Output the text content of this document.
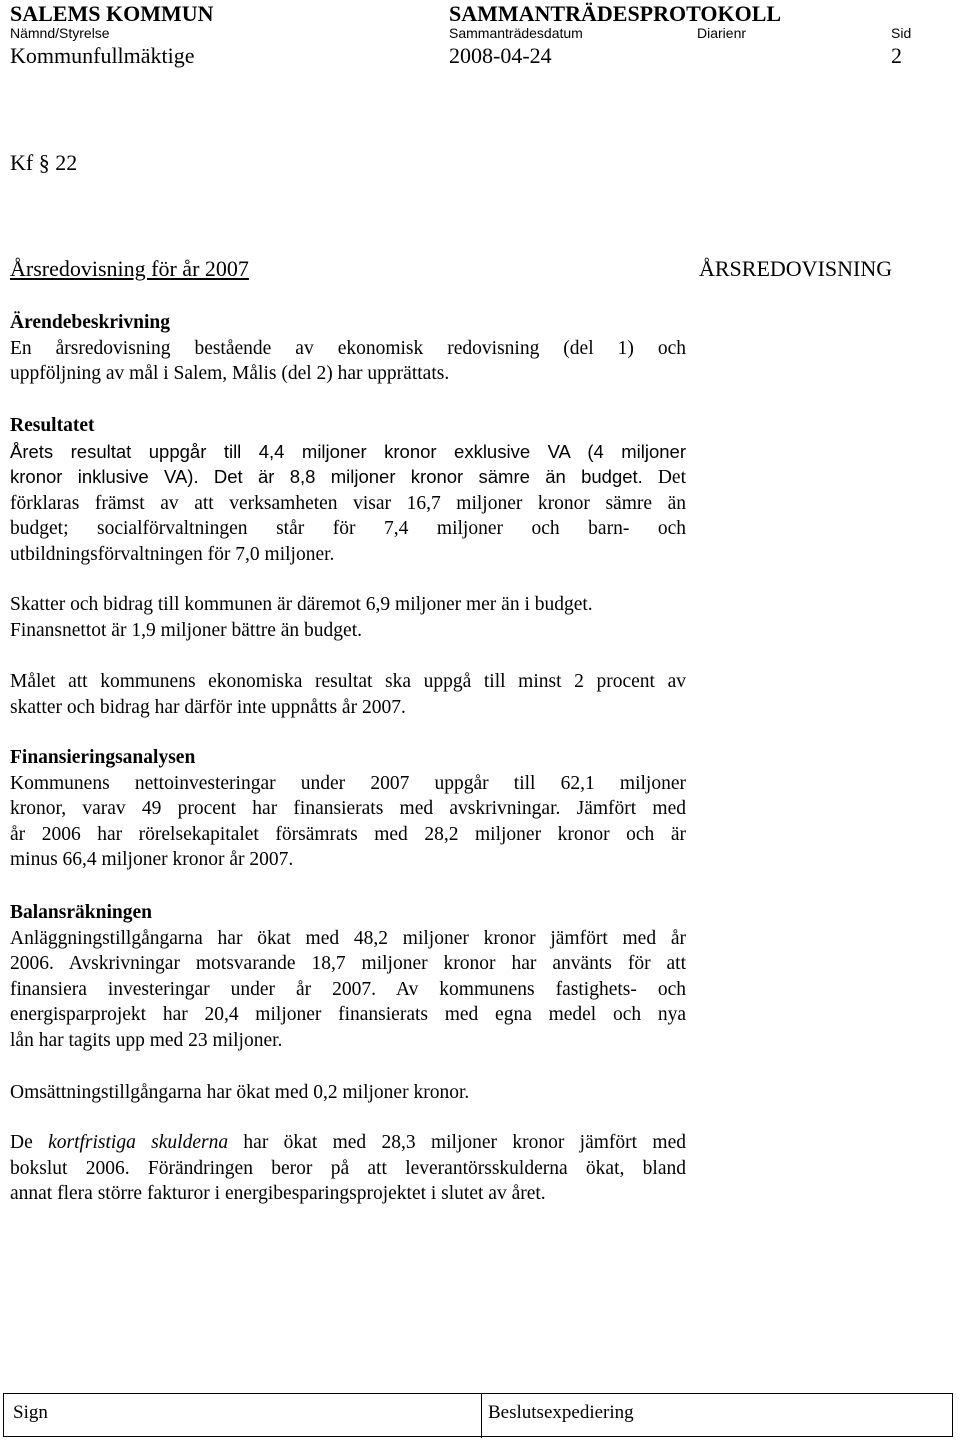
SALEMS KOMMUN	SAMMANTRÄDESPROTOKOLL
Nämnd/Styrelse	Sammanträdesdatum	Diarienr	Sid
Kommunfullmäktige	2008-04-24	2
Kf § 22
Årsredovisning för år 2007	ÅRSREDOVISNING
Ärendebeskrivning
En årsredovisning bestående av ekonomisk redovisning (del 1) och
uppföljning av mål i Salem, Målis (del 2) har upprättats.
Resultatet
Årets resultat uppgår till 4,4 miljoner kronor exklusive VA (4 miljoner
kronor inklusive VA). Det är 8,8 miljoner kronor sämre än budget. Det
förklaras främst av att verksamheten visar 16,7 miljoner kronor sämre än
budget; socialförvaltningen står för 7,4 miljoner och barn- och
utbildningsförvaltningen för 7,0 miljoner.
Skatter och bidrag till kommunen är däremot 6,9 miljoner mer än i budget.
Finansnettot är 1,9 miljoner bättre än budget.
Målet att kommunens ekonomiska resultat ska uppgå till minst 2 procent av
skatter och bidrag har därför inte uppnåtts år 2007.
Finansieringsanalysen
Kommunens nettoinvesteringar under 2007 uppgår till 62,1 miljoner
kronor, varav 49 procent har finansierats med avskrivningar. Jämfört med
år 2006 har rörelsekapitalet försämrats med 28,2 miljoner kronor och är
minus 66,4 miljoner kronor år 2007.
Balansräkningen
Anläggningstillgångarna har ökat med 48,2 miljoner kronor jämfört med år
2006. Avskrivningar motsvarande 18,7 miljoner kronor har använts för att
finansiera investeringar under år 2007. Av kommunens fastighets- och
energisparprojekt har 20,4 miljoner finansierats med egna medel och nya
lån har tagits upp med 23 miljoner.
Omsättningstillgångarna har ökat med 0,2 miljoner kronor.
De kortfristiga skulderna har ökat med 28,3 miljoner kronor jämfört med
bokslut 2006. Förändringen beror på att leverantörsskulderna ökat, bland
annat flera större fakturor i energibesparingsprojektet i slutet av året.
Sign	Beslutsexpediering
